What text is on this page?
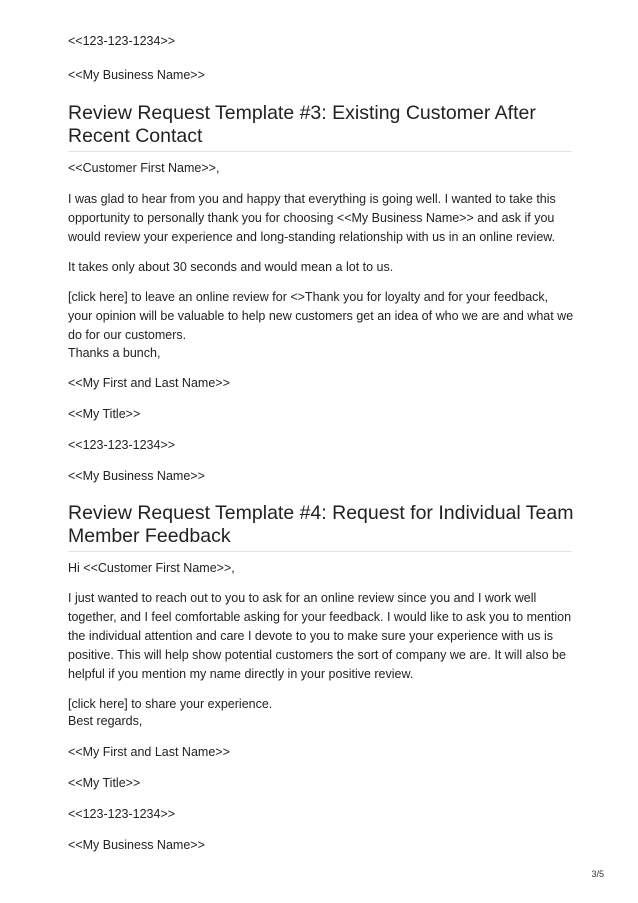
<<123-123-1234>>

<<My Business Name>>

Review Request Template #3: Existing Customer After
Recent Contact

<<Customer First Name>>,

I was glad to hear from you and happy that everything is going well. I wanted to take this
opportunity to personally thank you for choosing <<My Business Name>> and ask if you
would review your experience and long-standing relationship with us in an online review.

It takes only about 30 seconds and would mean a lot to us.

[click here] to leave an online review for <>Thank you for loyalty and for your feedback,
your opinion will be valuable to help new customers get an idea of who we are and what we
do for our customers.
Thanks a bunch,

<<My First and Last Name>>

<<My Title>>

<<123-123-1234>>

<<My Business Name>>

Review Request Template #4: Request for Individual Team
Member Feedback

Hi <<Customer First Name>>,

I just wanted to reach out to you to ask for an online review since you and I work well
together, and I feel comfortable asking for your feedback. I would like to ask you to mention
the individual attention and care I devote to you to make sure your experience with us is
positive. This will help show potential customers the sort of company we are. It will also be
helpful if you mention my name directly in your positive review.

[click here] to share your experience.
Best regards,

<<My First and Last Name>>

<<My Title>>

<<123-123-1234>>

<<My Business Name>>

3/5
